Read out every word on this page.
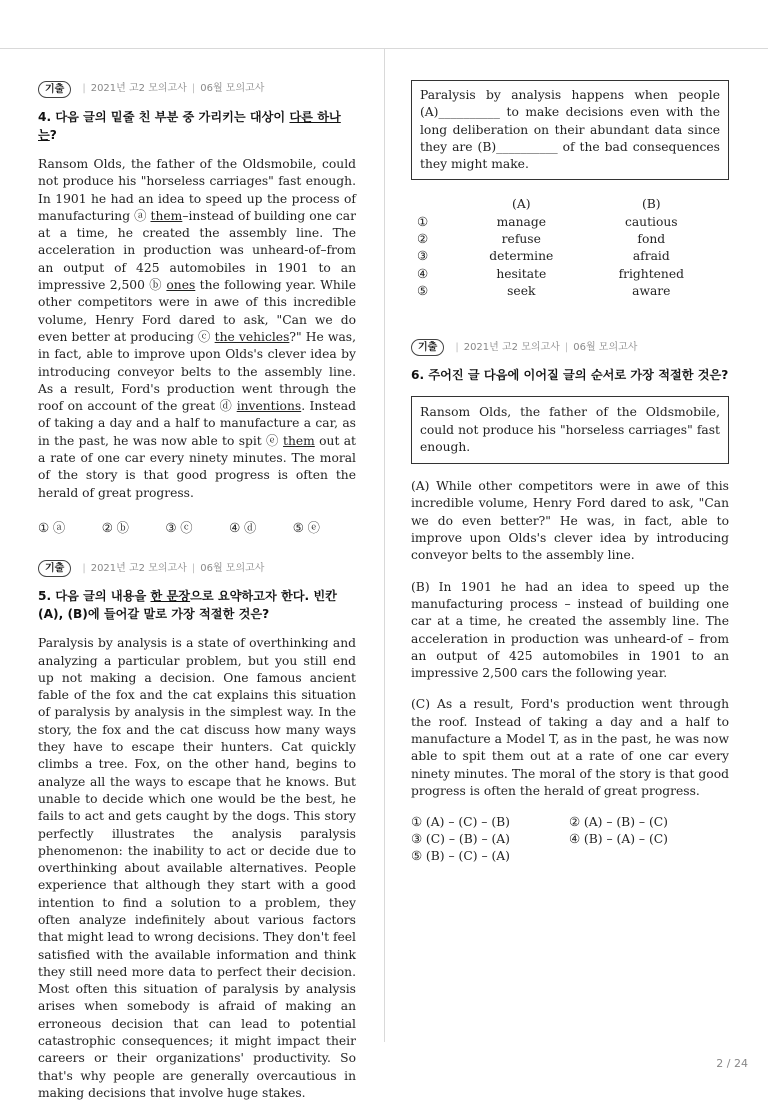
기출	| 2021년 고2 모의고사 | 06월 모의고사
4. 다음 글의 밑줄 친 부분 중 가리키는 대상이 다른 하나는?

Ransom Olds, the father of the Oldsmobile, could not produce his "horseless carriages" fast enough. In 1901 he had an idea to speed up the process of manufacturing ⓐ them–instead of building one car at a time, he created the assembly line. The acceleration in production was unheard-of–from an output of 425 automobiles in 1901 to an impressive 2,500 ⓑ ones the following year. While other competitors were in awe of this incredible volume, Henry Ford dared to ask, "Can we do even better at producing ⓒ the vehicles?" He was, in fact, able to improve upon Olds's clever idea by introducing conveyor belts to the assembly line. As a result, Ford's production went through the roof on account of the great ⓓ inventions. Instead of taking a day and a half to manufacture a car, as in the past, he was now able to spit ⓔ them out at a rate of one car every ninety minutes. The moral of the story is that good progress is often the herald of great progress.

① ⓐ	② ⓑ	③ ⓒ	④ ⓓ	⑤ ⓔ
기출	| 2021년 고2 모의고사 | 06월 모의고사
5. 다음 글의 내용을 한 문장으로 요약하고자 한다. 빈칸 (A), (B)에 들어갈 말로 가장 적절한 것은?

Paralysis by analysis is a state of overthinking and analyzing a particular problem, but you still end up not making a decision. One famous ancient fable of the fox and the cat explains this situation of paralysis by analysis in the simplest way. In the story, the fox and the cat discuss how many ways they have to escape their hunters. Cat quickly climbs a tree. Fox, on the other hand, begins to analyze all the ways to escape that he knows. But unable to decide which one would be the best, he fails to act and gets caught by the dogs. This story perfectly illustrates the analysis paralysis phenomenon: the inability to act or decide due to overthinking about available alternatives. People experience that although they start with a good intention to find a solution to a problem, they often analyze indefinitely about various factors that might lead to wrong decisions. They don't feel satisfied with the available information and think they still need more data to perfect their decision. Most often this situation of paralysis by analysis arises when somebody is afraid of making an erroneous decision that can lead to potential catastrophic consequences; it might impact their careers or their organizations' productivity. So that's why people are generally overcautious in making decisions that involve huge stakes.

Paralysis by analysis happens when people (A)__________ to make decisions even with the long deliberation on their abundant data since they are (B)__________ of the bad consequences they might make.
	(A)	(B)
①	manage	cautious
②	refuse	fond
③	determine	afraid
④	hesitate	frightened
⑤	seek	aware
기출	| 2021년 고2 모의고사 | 06월 모의고사
6. 주어진 글 다음에 이어질 글의 순서로 가장 적절한 것은?
Ransom Olds, the father of the Oldsmobile, could not produce his "horseless carriages" fast enough.

(A) While other competitors were in awe of this incredible volume, Henry Ford dared to ask, "Can we do even better?" He was, in fact, able to improve upon Olds's clever idea by introducing conveyor belts to the assembly line.

(B) In 1901 he had an idea to speed up the manufacturing process – instead of building one car at a time, he created the assembly line. The acceleration in production was unheard-of – from an output of 425 automobiles in 1901 to an impressive 2,500 cars the following year.

(C) As a result, Ford's production went through the roof. Instead of taking a day and a half to manufacture a Model T, as in the past, he was now able to spit them out at a rate of one car every ninety minutes. The moral of the story is that good progress is often the herald of great progress.

① (A) – (C) – (B)	② (A) – (B) – (C)
③ (C) – (B) – (A)	④ (B) – (A) – (C)
⑤ (B) – (C) – (A)
2 / 24
